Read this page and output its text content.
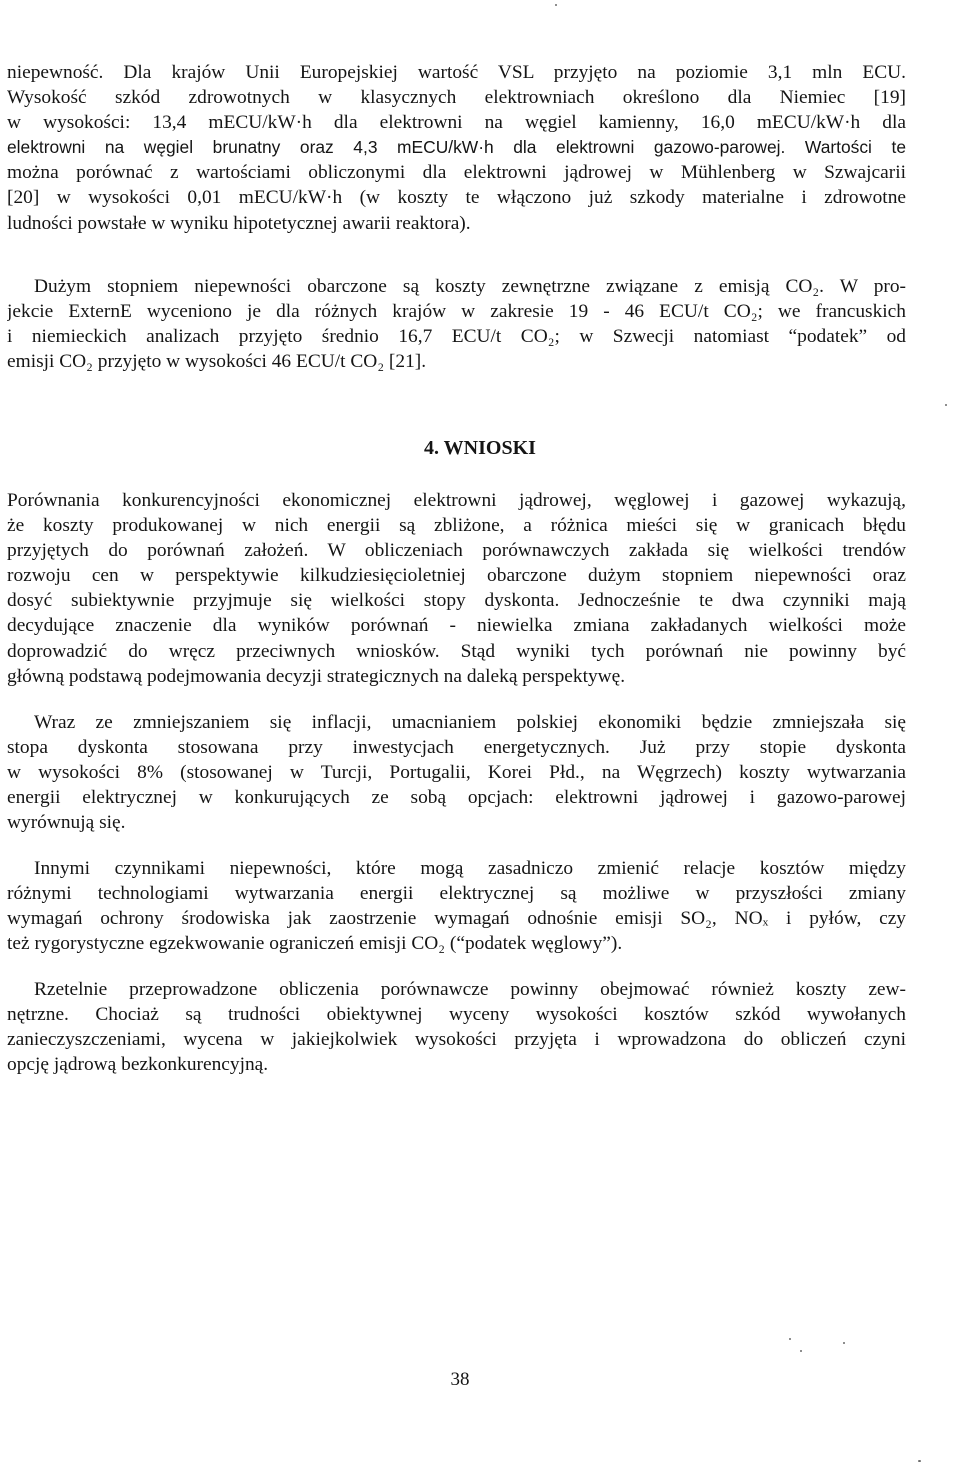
niepewność. Dla krajów Unii Europejskiej wartość VSL przyjęto na poziomie 3,1 mln ECU.
Wysokość szkód zdrowotnych w klasycznych elektrowniach określono dla Niemiec [19]
w wysokości: 13,4 mECU/kW·h dla elektrowni na węgiel kamienny, 16,0 mECU/kW·h dla
elektrowni na węgiel brunatny oraz 4,3 mECU/kW·h dla elektrowni gazowo-parowej. Wartości te
można porównać z wartościami obliczonymi dla elektrowni jądrowej w Mühlenberg w Szwajcarii
[20] w wysokości 0,01 mECU/kW·h (w koszty te włączono już szkody materialne i zdrowotne
ludności powstałe w wyniku hipotetycznej awarii reaktora).
Dużym stopniem niepewności obarczone są koszty zewnętrzne związane z emisją CO₂. W pro-
jekcie ExternE wyceniono je dla różnych krajów w zakresie 19 - 46 ECU/t CO₂; we francuskich
i niemieckich analizach przyjęto średnio 16,7 ECU/t CO₂; w Szwecji natomiast “podatek” od
emisji CO₂ przyjęto w wysokości 46 ECU/t CO₂ [21].
4. WNIOSKI
Porównania konkurencyjności ekonomicznej elektrowni jądrowej, węglowej i gazowej wykazują,
że koszty produkowanej w nich energii są zbliżone, a różnica mieści się w granicach błędu
przyjętych do porównań założeń. W obliczeniach porównawczych zakłada się wielkości trendów
rozwoju cen w perspektywie kilkudziesięcioletniej obarczone dużym stopniem niepewności oraz
dosyć subiektywnie przyjmuje się wielkości stopy dyskonta. Jednocześnie te dwa czynniki mają
decydujące znaczenie dla wyników porównań - niewielka zmiana zakładanych wielkości może
doprowadzić do wręcz przeciwnych wniosków. Stąd wyniki tych porównań nie powinny być
główną podstawą podejmowania decyzji strategicznych na daleką perspektywę.
Wraz ze zmniejszaniem się inflacji, umacnianiem polskiej ekonomiki będzie zmniejszała się
stopa dyskonta stosowana przy inwestycjach energetycznych. Już przy stopie dyskonta
w wysokości 8% (stosowanej w Turcji, Portugalii, Korei Płd., na Węgrzech) koszty wytwarzania
energii elektrycznej w konkurujących ze sobą opcjach: elektrowni jądrowej i gazowo-parowej
wyrównują się.
Innymi czynnikami niepewności, które mogą zasadniczo zmienić relacje kosztów między
różnymi technologiami wytwarzania energii elektrycznej są możliwe w przyszłości zmiany
wymagań ochrony środowiska jak zaostrzenie wymagań odnośnie emisji SO₂, NOₓ i pyłów, czy
też rygorystyczne egzekwowanie ograniczeń emisji CO₂ (“podatek węglowy”).
Rzetelnie przeprowadzone obliczenia porównawcze powinny obejmować również koszty zew-
nętrzne. Chociaż są trudności obiektywnej wyceny wysokości kosztów szkód wywołanych
zanieczyszczeniami, wycena w jakiejkolwiek wysokości przyjęta i wprowadzona do obliczeń czyni
opcję jądrową bezkonkurencyjną.
38
